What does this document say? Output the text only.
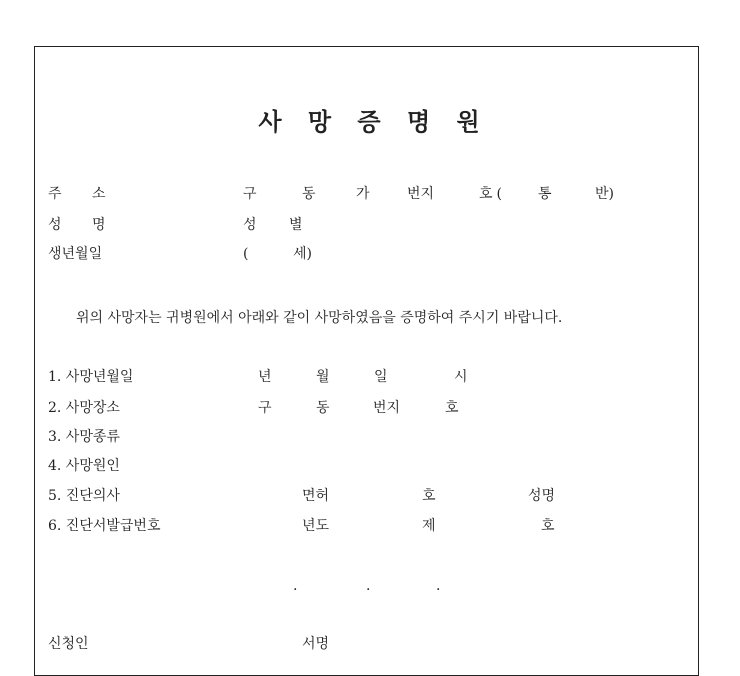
사 망 증 명 원
주 소	구	동	가	번지	호( 통	반)
성 명	성 별
생년월일	(	세)
위의 사망자는 귀병원에서 아래와 같이 사망하였음을 증명하여 주시기 바랍니다.
1. 사망년월일	년	월	일	시
2. 사망장소	구	동	번지	호
3. 사망종류
4. 사망원인
5. 진단의사	면허	호	성명
6. 진단서발급번호	년도	제	호
.	.	.
신청인	서명
